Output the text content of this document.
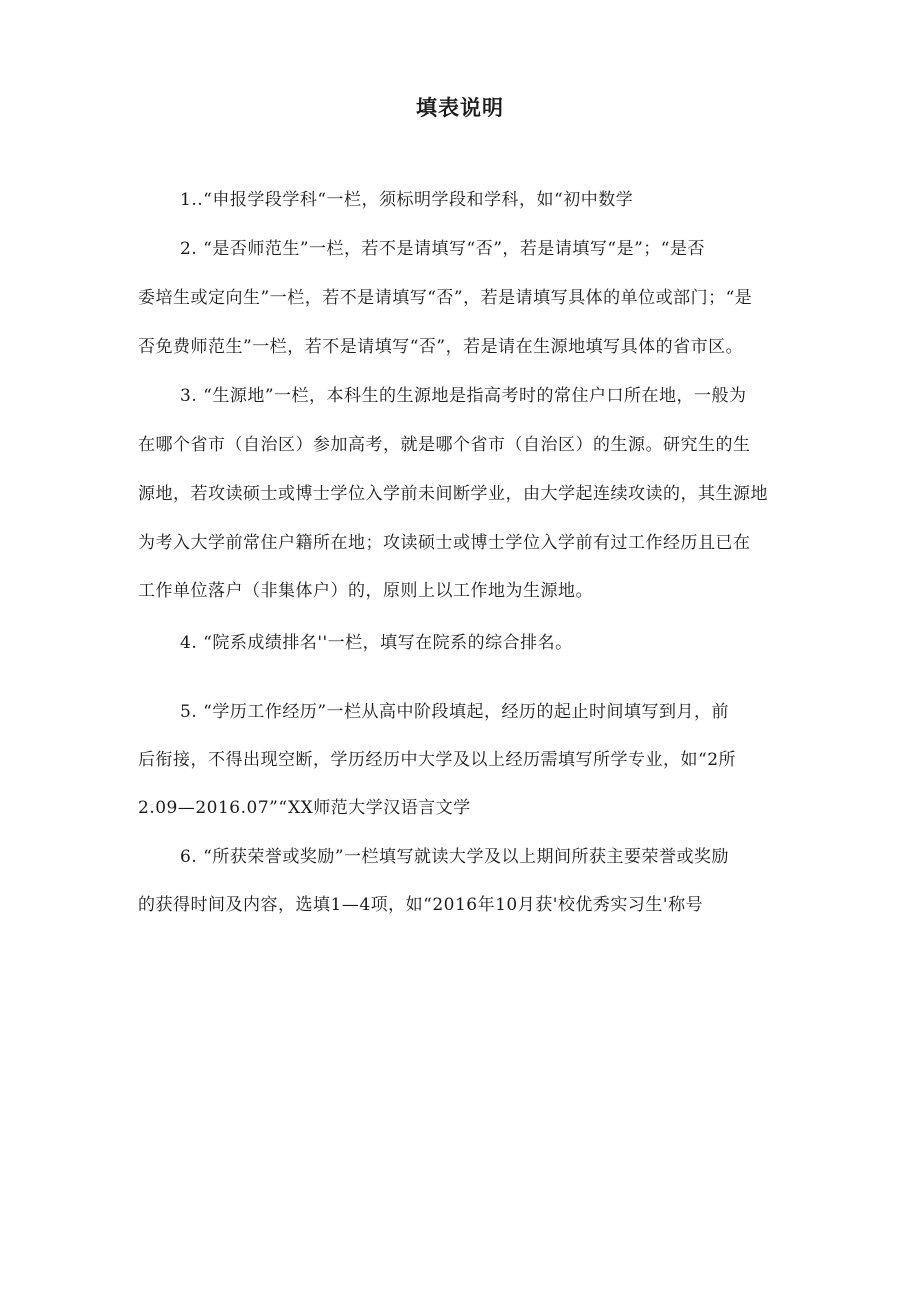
填表说明
1..“申报学段学科“一栏，须标明学段和学科，如“初中数学
2. “是否师范生”一栏，若不是请填写“否”，若是请填写“是”；“是否
委培生或定向生”一栏，若不是请填写“否”，若是请填写具体的单位或部门；“是
否免费师范生”一栏，若不是请填写“否”，若是请在生源地填写具体的省市区。
3. “生源地”一栏，本科生的生源地是指高考时的常住户口所在地，一般为
在哪个省市（自治区）参加高考，就是哪个省市（自治区）的生源。研究生的生
源地，若攻读硕士或博士学位入学前未间断学业，由大学起连续攻读的，其生源地
为考入大学前常住户籍所在地；攻读硕士或博士学位入学前有过工作经历且已在
工作单位落户（非集体户）的，原则上以工作地为生源地。
4. “院系成绩排名''一栏，填写在院系的综合排名。
5. “学历工作经历”一栏从高中阶段填起，经历的起止时间填写到月，前
后衔接，不得出现空断，学历经历中大学及以上经历需填写所学专业，如“2所
2.09—2016.07”“XX师范大学汉语言文学
6. “所获荣誉或奖励”一栏填写就读大学及以上期间所获主要荣誉或奖励
的获得时间及内容，选填1—4项，如“2016年10月获'校优秀实习生'称号
